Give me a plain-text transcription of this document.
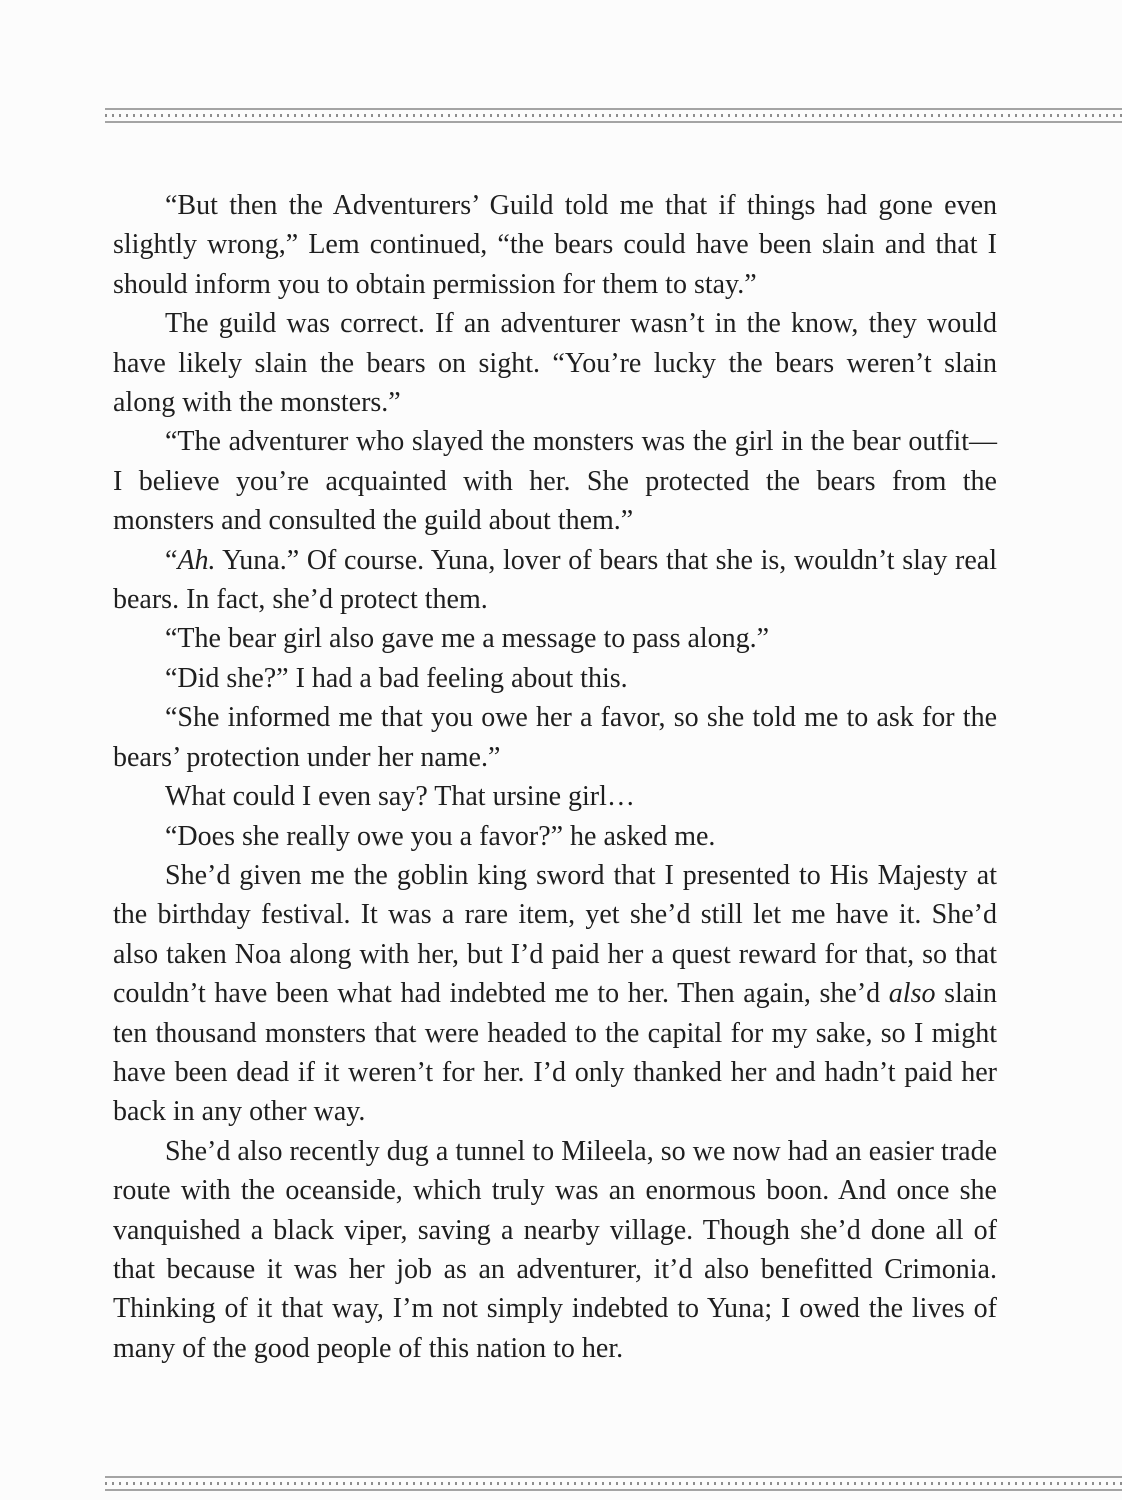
“But then the Adventurers’ Guild told me that if things had gone even slightly wrong,” Lem continued, “the bears could have been slain and that I should inform you to obtain permission for them to stay.”

The guild was correct. If an adventurer wasn’t in the know, they would have likely slain the bears on sight. “You’re lucky the bears weren’t slain along with the monsters.”

“The adventurer who slayed the monsters was the girl in the bear outfit—I believe you’re acquainted with her. She protected the bears from the monsters and consulted the guild about them.”

“Ah. Yuna.” Of course. Yuna, lover of bears that she is, wouldn’t slay real bears. In fact, she’d protect them.

“The bear girl also gave me a message to pass along.”

“Did she?” I had a bad feeling about this.

“She informed me that you owe her a favor, so she told me to ask for the bears’ protection under her name.”

What could I even say? That ursine girl…

“Does she really owe you a favor?” he asked me.

She’d given me the goblin king sword that I presented to His Majesty at the birthday festival. It was a rare item, yet she’d still let me have it. She’d also taken Noa along with her, but I’d paid her a quest reward for that, so that couldn’t have been what had indebted me to her. Then again, she’d also slain ten thousand monsters that were headed to the capital for my sake, so I might have been dead if it weren’t for her. I’d only thanked her and hadn’t paid her back in any other way.

She’d also recently dug a tunnel to Mileela, so we now had an easier trade route with the oceanside, which truly was an enormous boon. And once she vanquished a black viper, saving a nearby village. Though she’d done all of that because it was her job as an adventurer, it’d also benefitted Crimonia. Thinking of it that way, I’m not simply indebted to Yuna; I owed the lives of many of the good people of this nation to her.
